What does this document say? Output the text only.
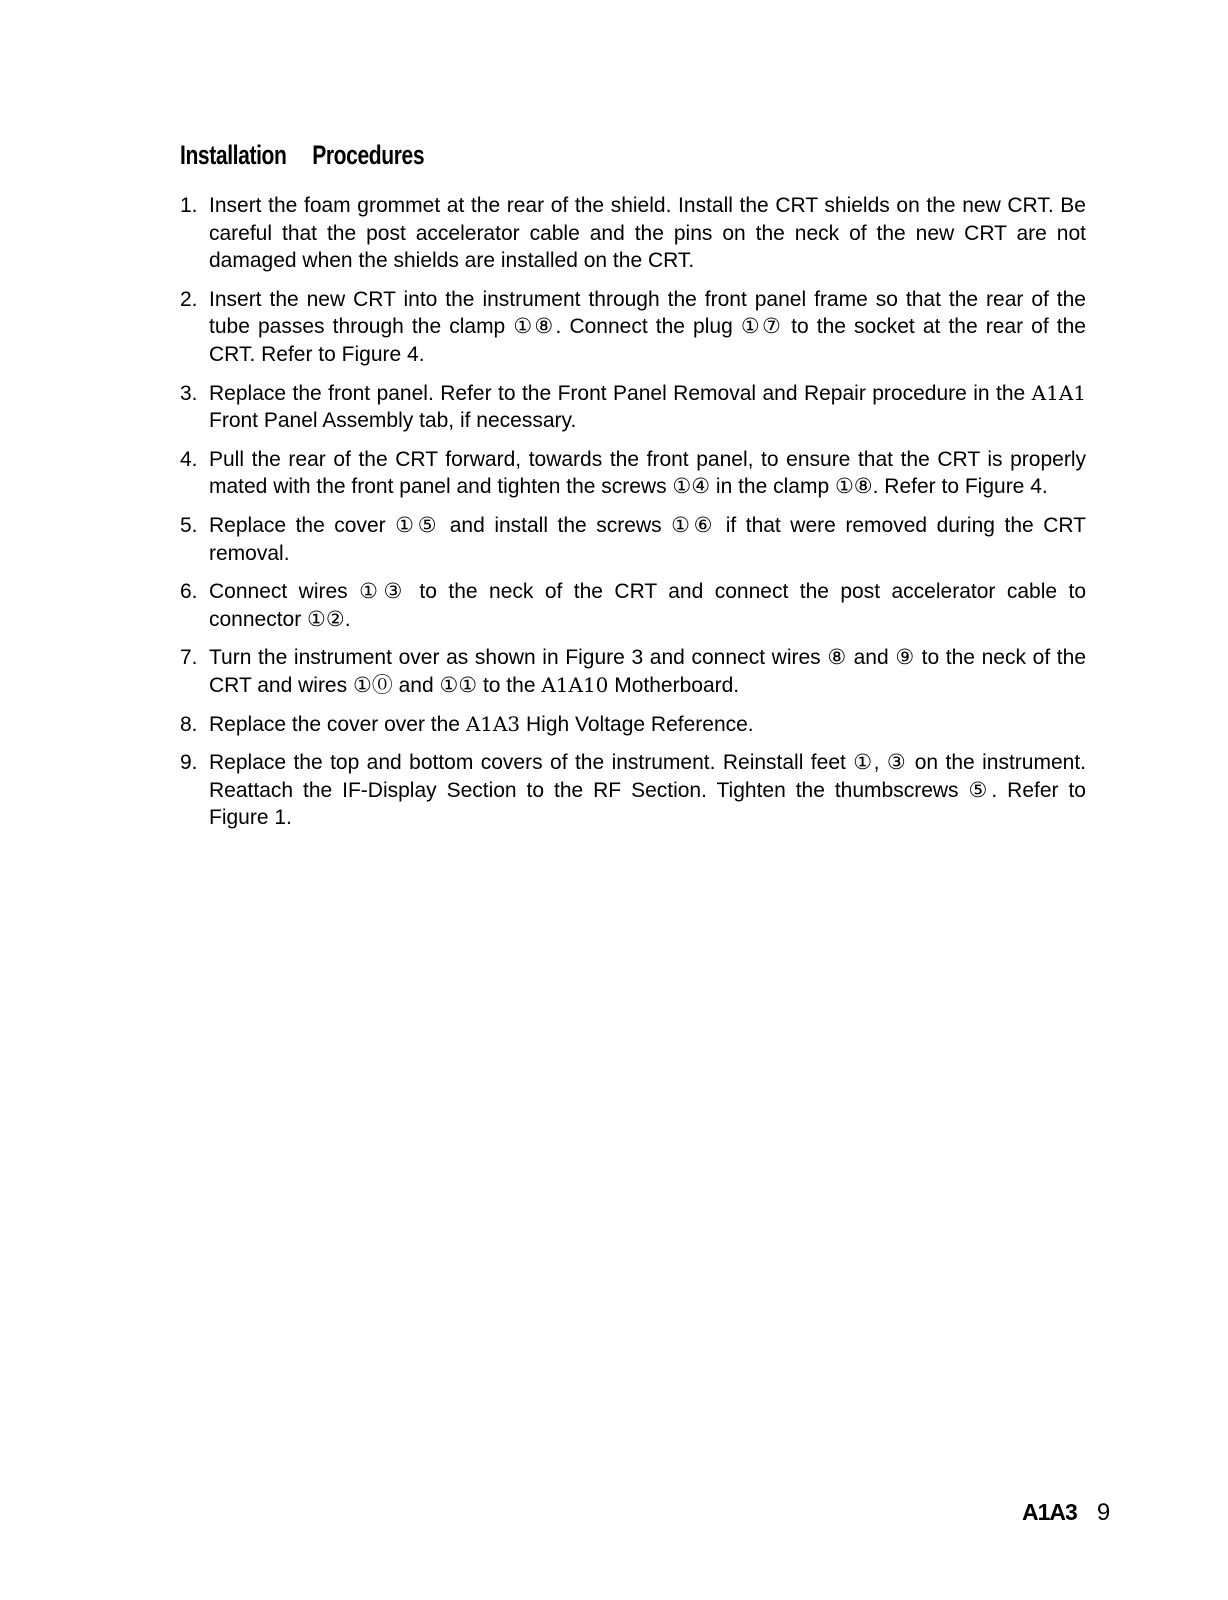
Installation Procedures
1. Insert the foam grommet at the rear of the shield. Install the CRT shields on the new CRT. Be careful that the post accelerator cable and the pins on the neck of the new CRT are not damaged when the shields are installed on the CRT.
2. Insert the new CRT into the instrument through the front panel frame so that the rear of the tube passes through the clamp ①⑧. Connect the plug ①⑦ to the socket at the rear of the CRT. Refer to Figure 4.
3. Replace the front panel. Refer to the Front Panel Removal and Repair procedure in the A1A1 Front Panel Assembly tab, if necessary.
4. Pull the rear of the CRT forward, towards the front panel, to ensure that the CRT is properly mated with the front panel and tighten the screws ①④ in the clamp ①⑧. Refer to Figure 4.
5. Replace the cover ①⑤ and install the screws ①⑥ if that were removed during the CRT removal.
6. Connect wires ①③ to the neck of the CRT and connect the post accelerator cable to connector ①②.
7. Turn the instrument over as shown in Figure 3 and connect wires ⑧ and ⑨ to the neck of the CRT and wires ①⓪ and ①① to the A1A10 Motherboard.
8. Replace the cover over the A1A3 High Voltage Reference.
9. Replace the top and bottom covers of the instrument. Reinstall feet ①, ③ on the instrument. Reattach the IF-Display Section to the RF Section. Tighten the thumbscrews ⑤. Refer to Figure 1.
A1A3 9
